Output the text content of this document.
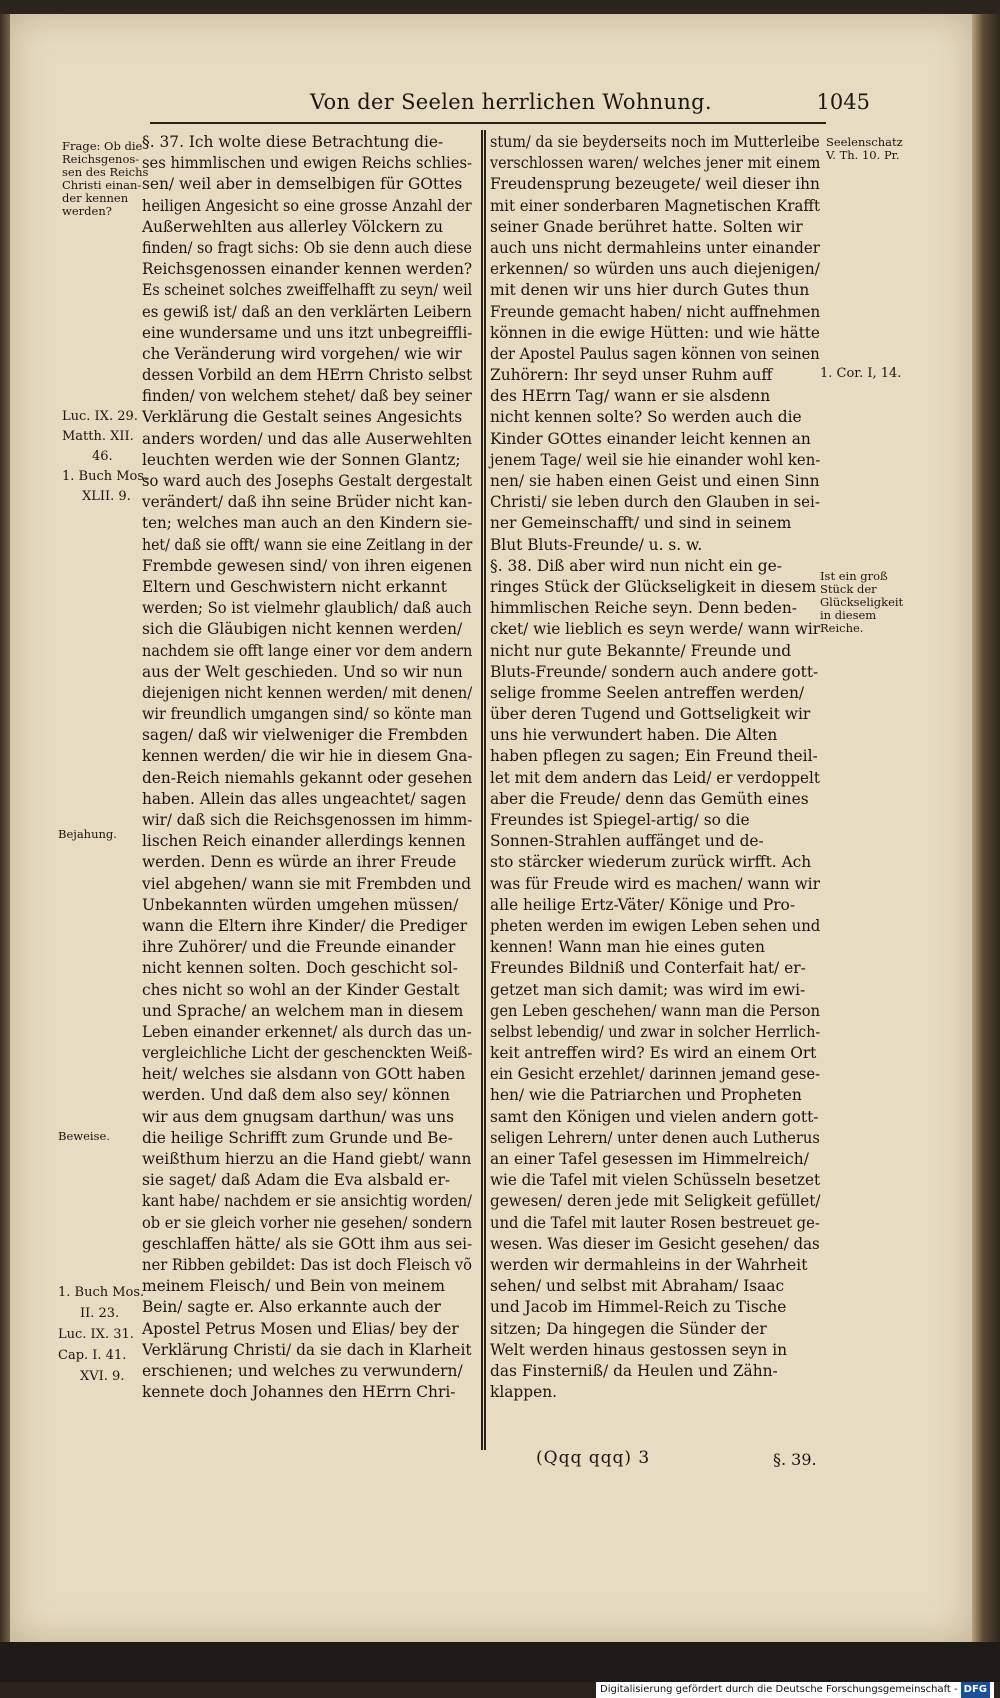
Von der Seelen herrlichen Wohnung.	1045
§. 37. Ich wolte diese Betrachtung die-
ses himmlischen und ewigen Reichs schlies-
sen/ weil aber in demselbigen für GOttes
heiligen Angesicht so eine grosse Anzahl der
Außerwehlten aus allerley Völckern zu
finden/ so fragt sichs: Ob sie denn auch diese
Reichsgenossen einander kennen werden?
Es scheinet solches zweiffelhafft zu seyn/ weil
es gewiß ist/ daß an den verklärten Leibern
eine wundersame und uns itzt unbegreiffli-
che Veränderung wird vorgehen/ wie wir
dessen Vorbild an dem HErrn Christo selbst
finden/ von welchem stehet/ daß bey seiner
Verklärung die Gestalt seines Angesichts
anders worden/ und das alle Auserwehlten
leuchten werden wie der Sonnen Glantz;
so ward auch des Josephs Gestalt dergestalt
verändert/ daß ihn seine Brüder nicht kan-
ten; welches man auch an den Kindern sie-
het/ daß sie offt/ wann sie eine Zeitlang in der
Frembde gewesen sind/ von ihren eigenen
Eltern und Geschwistern nicht erkannt
werden; So ist vielmehr glaublich/ daß auch
sich die Gläubigen nicht kennen werden/
nachdem sie offt lange einer vor dem andern
aus der Welt geschieden. Und so wir nun
diejenigen nicht kennen werden/ mit denen/
wir freundlich umgangen sind/ so könte man
sagen/ daß wir vielweniger die Frembden
kennen werden/ die wir hie in diesem Gna-
den-Reich niemahls gekannt oder gesehen
haben. Allein das alles ungeachtet/ sagen
wir/ daß sich die Reichsgenossen im himm-
lischen Reich einander allerdings kennen
werden. Denn es würde an ihrer Freude
viel abgehen/ wann sie mit Frembden und
Unbekannten würden umgehen müssen/
wann die Eltern ihre Kinder/ die Prediger
ihre Zuhörer/ und die Freunde einander
nicht kennen solten. Doch geschicht sol-
ches nicht so wohl an der Kinder Gestalt
und Sprache/ an welchem man in diesem
Leben einander erkennet/ als durch das un-
vergleichliche Licht der geschenckten Weiß-
heit/ welches sie alsdann von GOtt haben
werden. Und daß dem also sey/ können
wir aus dem gnugsam darthun/ was uns
die heilige Schrifft zum Grunde und Be-
weißthum hierzu an die Hand giebt/ wann
sie saget/ daß Adam die Eva alsbald er-
kant habe/ nachdem er sie ansichtig worden/
ob er sie gleich vorher nie gesehen/ sondern
geschlaffen hätte/ als sie GOtt ihm aus sei-
ner Ribben gebildet: Das ist doch Fleisch võ
meinem Fleisch/ und Bein von meinem
Bein/ sagte er. Also erkannte auch der
Apostel Petrus Mosen und Elias/ bey der
Verklärung Christi/ da sie dach in Klarheit
erschienen; und welches zu verwundern/
kennete doch Johannes den HErrn Chri-
stum/ da sie beyderseits noch im Mutterleibe
verschlossen waren/ welches jener mit einem
Freudensprung bezeugete/ weil dieser ihn
mit einer sonderbaren Magnetischen Krafft
seiner Gnade berühret hatte. Solten wir
auch uns nicht dermahleins unter einander
erkennen/ so würden uns auch diejenigen/
mit denen wir uns hier durch Gutes thun
Freunde gemacht haben/ nicht auffnehmen
können in die ewige Hütten: und wie hätte
der Apostel Paulus sagen können von seinen
Zuhörern: Ihr seyd unser Ruhm auff
des HErrn Tag/ wann er sie alsdenn
nicht kennen solte? So werden auch die
Kinder GOttes einander leicht kennen an
jenem Tage/ weil sie hie einander wohl ken-
nen/ sie haben einen Geist und einen Sinn
Christi/ sie leben durch den Glauben in sei-
ner Gemeinschafft/ und sind in seinem
Blut Bluts-Freunde/ u. s. w.
§. 38. Diß aber wird nun nicht ein ge-
ringes Stück der Glückseligkeit in diesem
himmlischen Reiche seyn. Denn beden-
cket/ wie lieblich es seyn werde/ wann wir
nicht nur gute Bekannte/ Freunde und
Bluts-Freunde/ sondern auch andere gott-
selige fromme Seelen antreffen werden/
über deren Tugend und Gottseligkeit wir
uns hie verwundert haben. Die Alten
haben pflegen zu sagen; Ein Freund theil-
let mit dem andern das Leid/ er verdoppelt
aber die Freude/ denn das Gemüth eines
Freundes ist Spiegel-artig/ so die
Sonnen-Strahlen auffänget und de-
sto stärcker wiederum zurück wirfft. Ach
was für Freude wird es machen/ wann wir
alle heilige Ertz-Väter/ Könige und Pro-
pheten werden im ewigen Leben sehen und
kennen! Wann man hie eines guten
Freundes Bildniß und Conterfait hat/ er-
getzet man sich damit; was wird im ewi-
gen Leben geschehen/ wann man die Person
selbst lebendig/ und zwar in solcher Herrlich-
keit antreffen wird? Es wird an einem Ort
ein Gesicht erzehlet/ darinnen jemand gese-
hen/ wie die Patriarchen und Propheten
samt den Königen und vielen andern gott-
seligen Lehrern/ unter denen auch Lutherus
an einer Tafel gesessen im Himmelreich/
wie die Tafel mit vielen Schüsseln besetzet
gewesen/ deren jede mit Seligkeit gefüllet/
und die Tafel mit lauter Rosen bestreuet ge-
wesen. Was dieser im Gesicht gesehen/ das
werden wir dermahleins in der Wahrheit
sehen/ und selbst mit Abraham/ Isaac
und Jacob im Himmel-Reich zu Tische
sitzen; Da hingegen die Sünder der
Welt werden hinaus gestossen seyn in
das Finsterniß/ da Heulen und Zähn-
klappen.
Frage: Ob die
Reichsgenos-
sen des Reichs
Christi einan-
der kennen
werden?
Luc. IX. 29.
Matth. XII.
46.
1. Buch Mos.
XLII. 9.
Bejahung.
Beweise.
1. Buch Mos.
II. 23.
Luc. IX. 31.
Cap. I. 41.
XVI. 9.
Seelenschatz
V. Th. 10. Pr.
1. Cor. I, 14.
Ist ein groß
Stück der
Glückseligkeit
in diesem
Reiche.
(Qqq qqq) 3	§. 39.
Digitalisierung gefördert durch die Deutsche Forschungsgemeinschaft - DFG
